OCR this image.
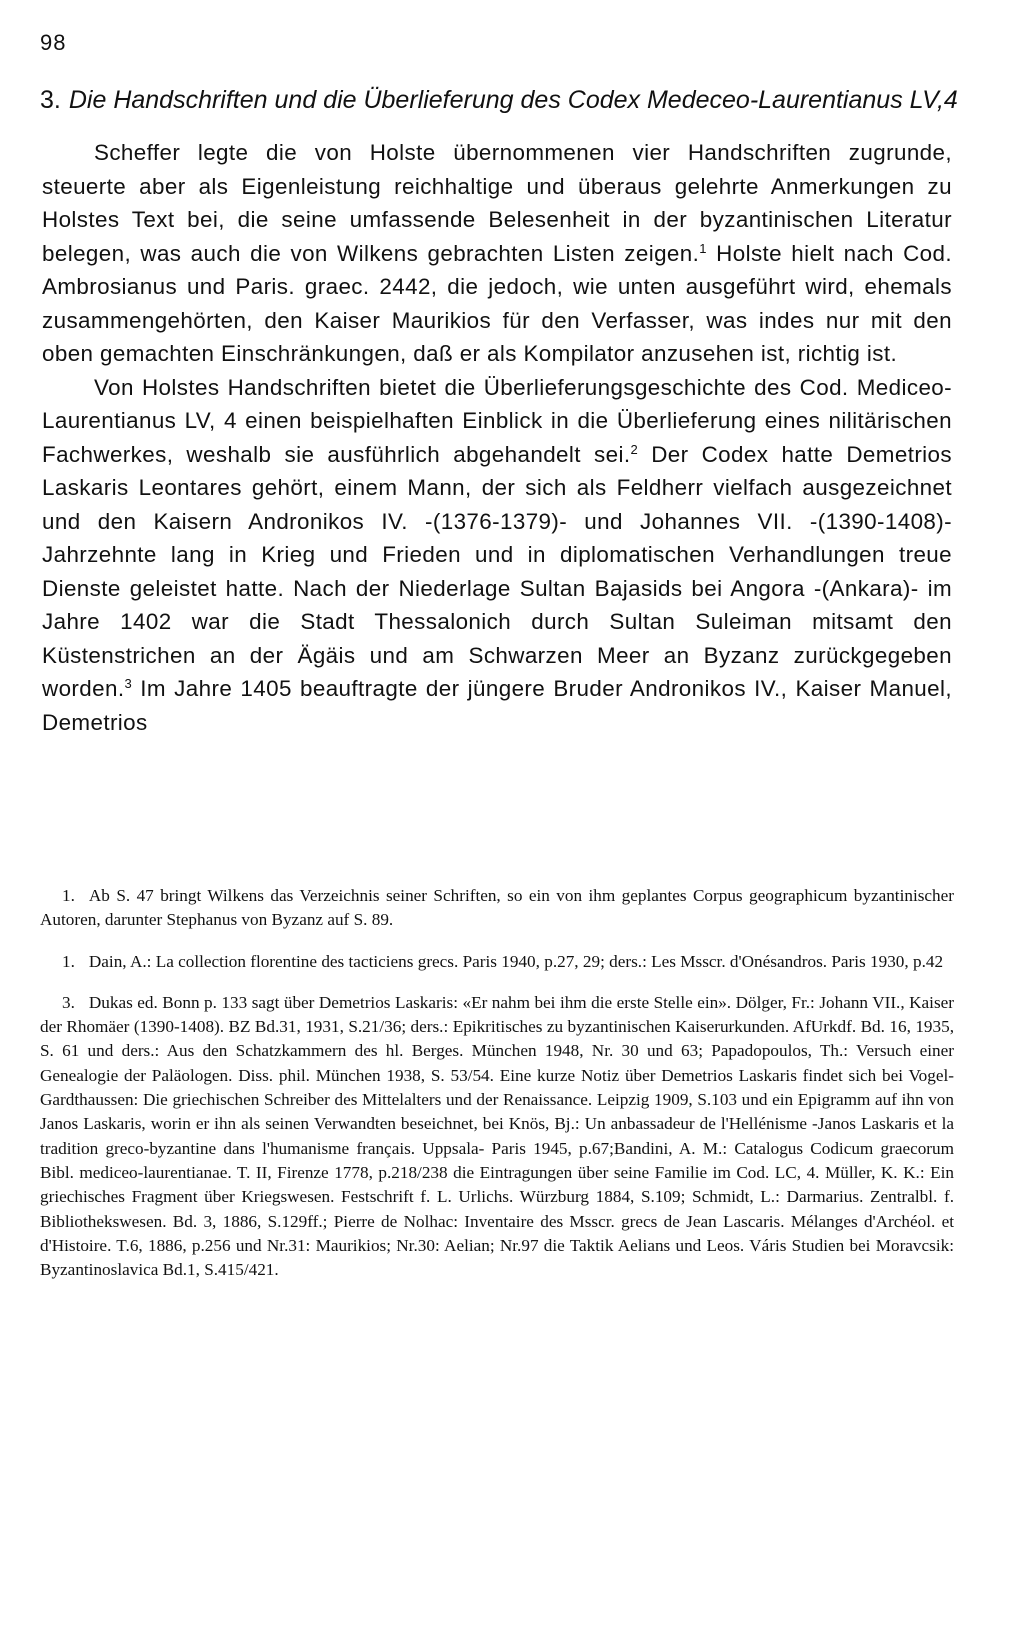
98
3. Die Handschriften und die Überlieferung des Codex Medeceo-Laurentianus LV,4

Scheffer legte die von Holste übernommenen vier Handschriften zugrunde, steuerte aber als Eigenleistung reichhaltige und überaus gelehrte Anmerkungen zu Holstes Text bei, die seine umfassende Belesenheit in der byzantinischen Literatur belegen, was auch die von Wilkens gebrachten Listen zeigen.$^1$ Holste hielt nach Cod. Ambrosianus und Paris. graec. 2442, die jedoch, wie unten ausgeführt wird, ehemals zusammengehörten, den Kaiser Maurikios für den Verfasser, was indes nur mit den oben gemachten Einschränkungen, daß er als Kompilator anzusehen ist, richtig ist.

Von Holstes Handschriften bietet die Überlieferungsgeschichte des Cod. Mediceo-Laurentianus LV, 4 einen beispielhaften Einblick in die Überlieferung eines nilitärischen Fachwerkes, weshalb sie ausführlich abgehandelt sei.$^2$ Der Codex hatte Demetrios Laskaris Leontares gehört, einem Mann, der sich als Feldherr vielfach ausgezeichnet und den Kaisern Andronikos IV. -(1376-1379)- und Johannes VII. -(1390-1408)- Jahrzehnte lang in Krieg und Frieden und in diplomatischen Verhandlungen treue Dienste geleistet hatte. Nach der Niederlage Sultan Bajasids bei Angora -(Ankara)- im Jahre 1402 war die Stadt Thessalonich durch Sultan Suleiman mitsamt den Küstenstrichen an der Ägäis und am Schwarzen Meer an Byzanz zurückgegeben worden.$^3$ Im Jahre 1405 beauftragte der jüngere Bruder Andronikos IV., Kaiser Manuel, Demetrios

1. Ab S. 47 bringt Wilkens das Verzeichnis seiner Schriften, so ein von ihm geplantes Corpus geographicum byzantinischer Autoren, darunter Stephanus von Byzanz auf S. 89.

1. Dain, A.: La collection florentine des tacticiens grecs. Paris 1940, p.27, 29; ders.: Les Msscr. d'Onésandros. Paris 1930, p.42

3. Dukas ed. Bonn p. 133 sagt über Demetrios Laskaris: «Er nahm bei ihm die erste Stelle ein». Dölger, Fr.: Johann VII., Kaiser der Rhomäer (1390-1408). BZ Bd.31, 1931, S.21/36; ders.: Epikritisches zu byzantinischen Kaiserurkunden. AfUrkdf. Bd. 16, 1935, S. 61 und ders.: Aus den Schatzkammern des hl. Berges. München 1948, Nr. 30 und 63; Papadopoulos, Th.: Versuch einer Genealogie der Paläologen. Diss. phil. München 1938, S. 53/54. Eine kurze Notiz über Demetrios Laskaris findet sich bei Vogel-Gardthaussen: Die griechischen Schreiber des Mittelalters und der Renaissance. Leipzig 1909, S.103 und ein Epigramm auf ihn von Janos Laskaris, worin er ihn als seinen Verwandten beseichnet, bei Knös, Bj.: Un anbassadeur de l'Hellénisme -Janos Laskaris et la tradition greco-byzantine dans l'humanisme français. Uppsala- Paris 1945, p.67;Bandini, A. M.: Catalogus Codicum graecorum Bibl. mediceo-laurentianae. T. II, Firenze 1778, p.218/238 die Eintragungen über seine Familie im Cod. LC, 4. Müller, K. K.: Ein griechisches Fragment über Kriegswesen. Festschrift f. L. Urlichs. Würzburg 1884, S.109; Schmidt, L.: Darmarius. Zentralbl. f. Bibliothekswesen. Bd. 3, 1886, S.129ff.; Pierre de Nolhac: Inventaire des Msscr. grecs de Jean Lascaris. Mélanges d'Archéol. et d'Histoire. T.6, 1886, p.256 und Nr.31: Maurikios; Nr.30: Aelian; Nr.97 die Taktik Aelians und Leos. Váris Studien bei Moravcsik: Byzantinoslavica Bd.1, S.415/421.
